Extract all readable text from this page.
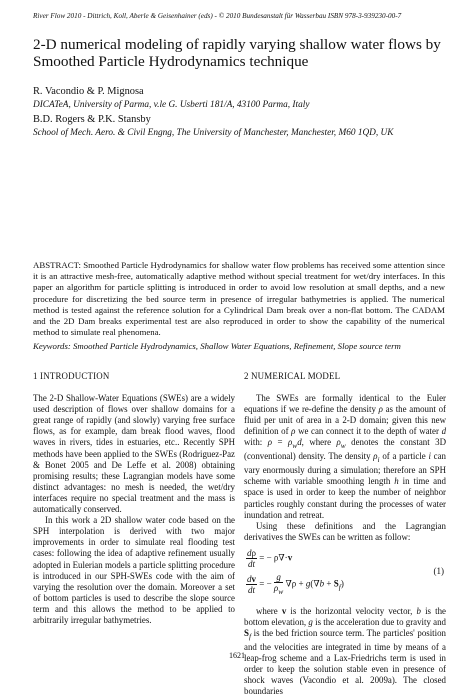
River Flow 2010 - Dittrich, Koll, Aberle & Geisenhainer (eds) - © 2010 Bundesanstalt für Wasserbau ISBN 978-3-939230-00-7
2-D numerical modeling of rapidly varying shallow water flows by Smoothed Particle Hydrodynamics technique
R. Vacondio & P. Mignosa
DICATeA, University of Parma, v.le G. Usberti 181/A, 43100 Parma, Italy
B.D. Rogers & P.K. Stansby
School of Mech. Aero. & Civil Engng, The University of Manchester, Manchester, M60 1QD, UK

ABSTRACT: Smoothed Particle Hydrodynamics for shallow water flow problems has received some attention since it is an attractive mesh-free, automatically adaptive method without special treatment for wet/dry interfaces. In this paper an algorithm for particle splitting is introduced in order to avoid low resolution at small depths, and a new procedure for discretizing the bed source term in presence of irregular bathymetries is applied. The numerical method is tested against the reference solution for a Cylindrical Dam break over a non-flat bottom. The CADAM and the 2D Dam breaks experimental test are also reproduced in order to show the capability of the numerical method to simulate real phenomena.

Keywords: Smoothed Particle Hydrodynamics, Shallow Water Equations, Refinement, Slope source term
1 INTRODUCTION

The 2-D Shallow-Water Equations (SWEs) are a widely used description of flows over shallow domains for a great range of rapidly (and slowly) varying free surface flows, as for example, dam break flood waves, flood waves in rivers, tides in estuaries, etc.. Recently SPH methods have been applied to the SWEs (Rodriguez-Paz & Bonet 2005 and De Leffe et al. 2008) obtaining promising results; these Lagrangian models have some distinct advantages: no mesh is needed, the wet/dry interfaces require no special treatment and the mass is automatically conserved.

In this work a 2D shallow water code based on the SPH interpolation is derived with two major improvements in order to simulate real flooding test cases: following the idea of adaptive refinement usually adopted in Eulerian models a particle splitting procedure is introduced in our SPH-SWEs code with the aim of varying the resolution over the domain. Moreover a set of bottom particles is used to describe the slope source term and this allows the method to be applied to arbitrarily irregular bathymetries.

2 NUMERICAL MODEL

The SWEs are formally identical to the Euler equations if we re-define the density ρ as the amount of fluid per unit of area in a 2-D domain; given this new definition of ρ we can connect it to the depth of water d with: $\rho = \rho_wd$, where $\rho_w$ denotes the constant 3D (conventional) density. The density $\rho_i$ of a particle i can vary enormously during a simulation; therefore an SPH scheme with variable smoothing length h in time and space is used in order to keep the number of neighbor particles roughly constant during the processes of water inundation and retreat.

Using these definitions and the Lagrangian derivatives the SWEs can be written as follow:

$\frac{d\rho}{dt}$ = − ρ∇·v
$\frac{dv}{dt}$ = − $\frac{g}{\rho_w} \nabla\rho + g(\nabla b + S_f)$
(1)

where v is the horizontal velocity vector, b is the bottom elevation, g is the acceleration due to gravity and $S_f$ is the bed friction source term. The particles' position and the velocities are integrated in time by means of a leap-frog scheme and a Lax-Friedrichs term is used in order to keep the solution stable even in presence of shock waves (Vacondio et al. 2009a). The closed boundaries

1621
